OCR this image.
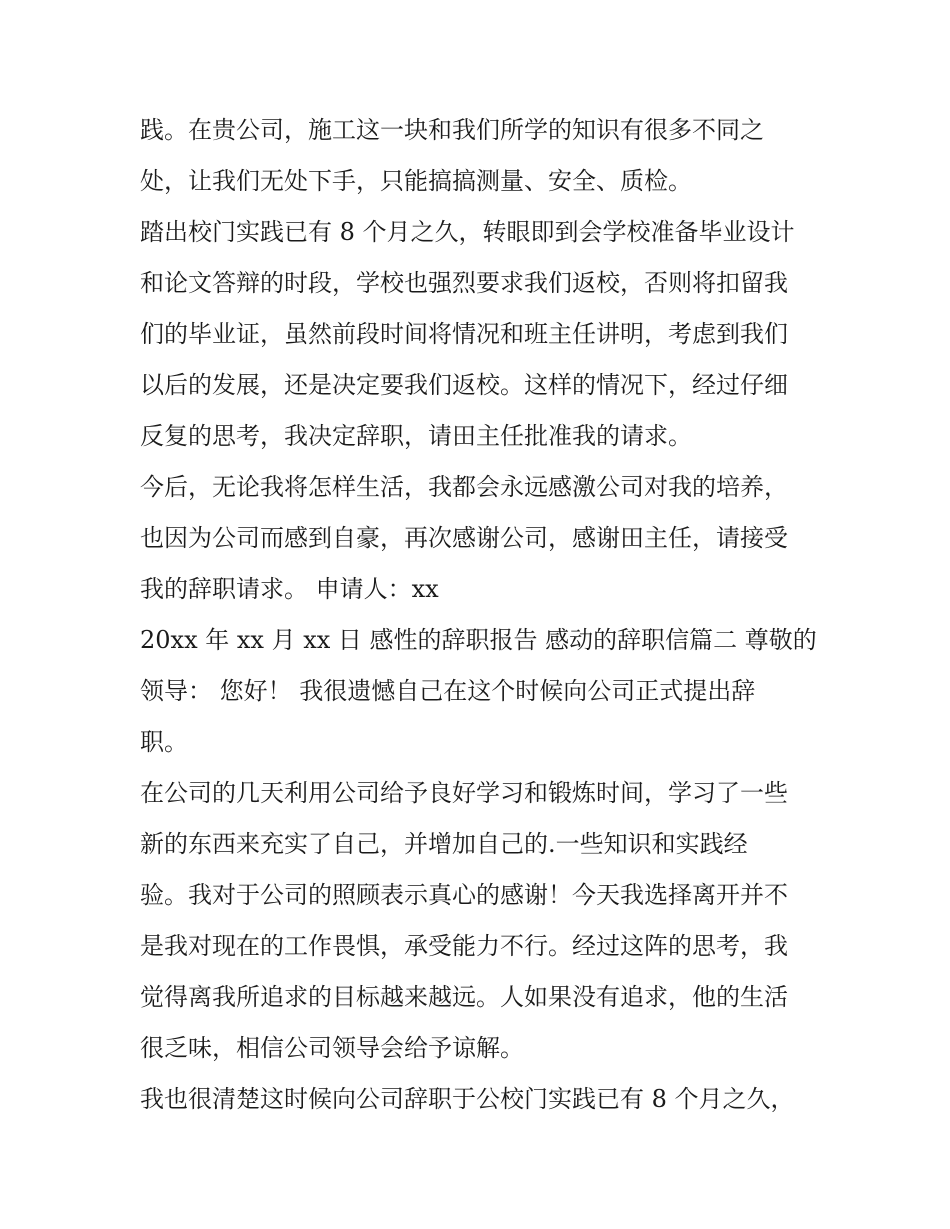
践。在贵公司，施工这一块和我们所学的知识有很多不同之
处，让我们无处下手，只能搞搞测量、安全、质检。
踏出校门实践已有 8 个月之久，转眼即到会学校准备毕业设计
和论文答辩的时段，学校也强烈要求我们返校，否则将扣留我
们的毕业证，虽然前段时间将情况和班主任讲明，考虑到我们
以后的发展，还是决定要我们返校。这样的情况下，经过仔细
反复的思考，我决定辞职，请田主任批准我的请求。
今后，无论我将怎样生活，我都会永远感激公司对我的培养，
也因为公司而感到自豪，再次感谢公司，感谢田主任，请接受
我的辞职请求。 申请人：xx
20xx 年 xx 月 xx 日 感性的辞职报告 感动的辞职信篇二 尊敬的
领导： 您好！ 我很遗憾自己在这个时候向公司正式提出辞
职。
在公司的几天利用公司给予良好学习和锻炼时间，学习了一些
新的东西来充实了自己，并增加自己的.一些知识和实践经
验。我对于公司的照顾表示真心的感谢！今天我选择离开并不
是我对现在的工作畏惧，承受能力不行。经过这阵的思考，我
觉得离我所追求的目标越来越远。人如果没有追求，他的生活
很乏味，相信公司领导会给予谅解。
我也很清楚这时候向公司辞职于公校门实践已有 8 个月之久，
